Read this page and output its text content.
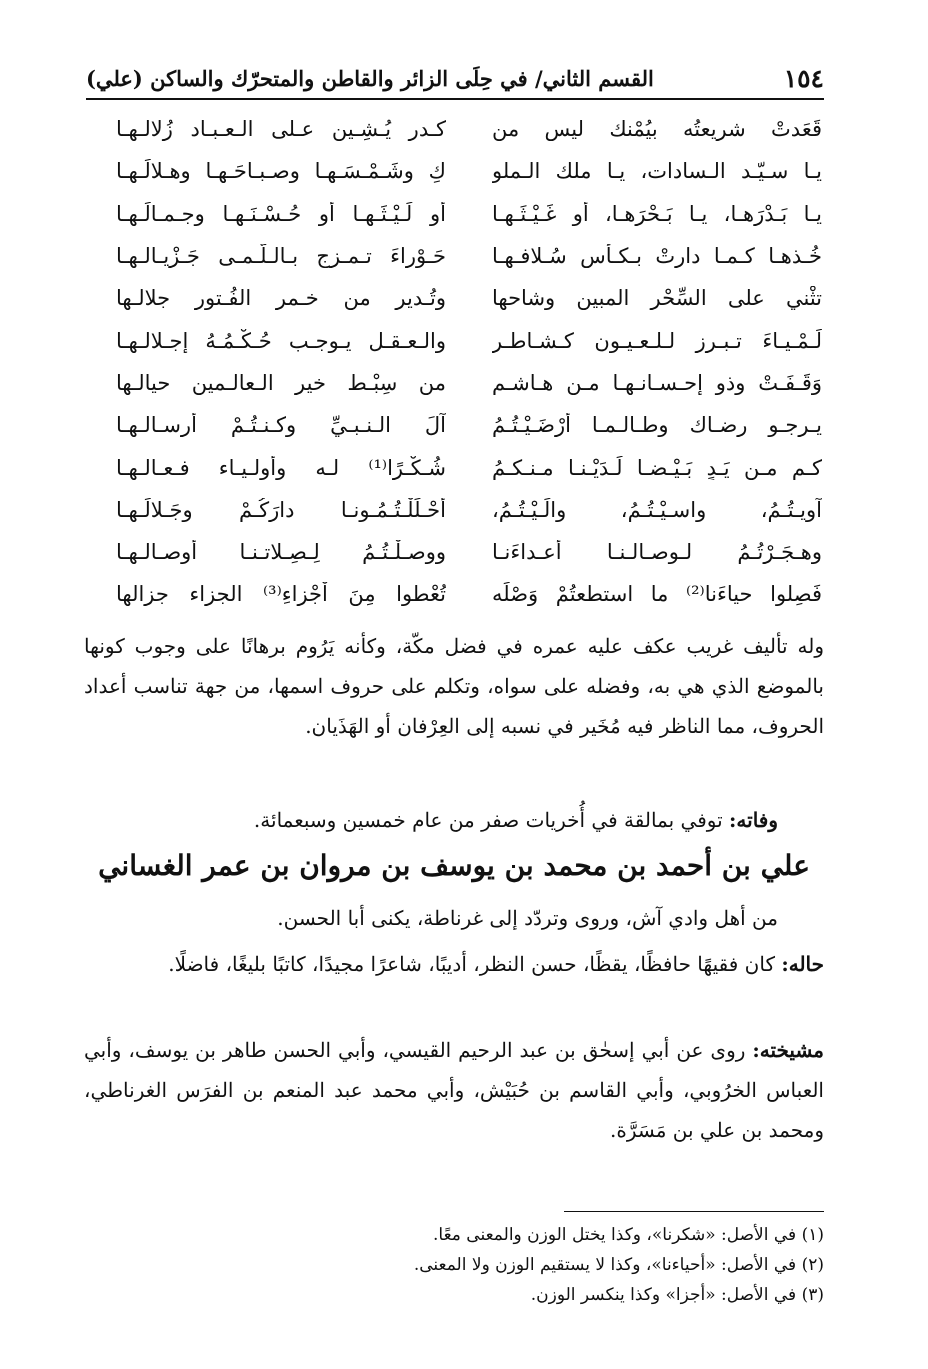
١٥٤
القسم الثاني/ في حِلَى الزائر والقاطن والمتحرّك والساكن (علي)
قَعَدتْ شريعتُه بيُمْنك ليس من
كـدر يُـشِـين عـلى الـعـبـاد زُلالـهـا
يـا سـيّـد الـسادات، يـا ملك الـملو
كِ وشَـمْـسَـهـا وصـبـاحَـهـا وهـلالَـهـا
يـا بَـدْرَهـا، يـا بَـحْرَهـا، أو غَـيْـثَـهـا
أو لَـيْـثَـهـا أو حُـسْـنَـهـا وجـمـالَـهـا
خُـذهـا كـمـا دارتْ بـكـأس سُـلافـهـا
حَـوْراءَ تـمـزج بـالـلَّـمـى جَـزْيـالـهـا
تثْني على السِّحْر المبين وشاحها
وتُـدير من خـمر الفُـتور جلالـها
لَـمْـيـاءَ تـبـرز لـلـعـيـون كـشـاطـر
والـعـقـل يـوجـب حُـكْـمُـهُ إجـلالـهـا
وَقَـفَـتْ وذو إحـسـانـهـا مـن هـاشـم
من سِبْـط خير الـعالـمين حيالـها
يـرجـو رضـاك وطـالـمـا أرْضَـيْـتُـمُ
آلَ الـنـبـيِّ وكـنـتُـمْ أرسـالـهـا
كـم مـن يَـدٍ بَـيْـضـا لَـدَيْـنـا مـنـكـمُ
شُـكْـرًا⁽¹⁾ لـه وأولـيـاء فـعـالـهـا
آويـتُـمُ، واسـيْـتُـمُ، والَـيْـتُـمُ،
أحْـلَلْـتُـمُـونـا دارَكُـمْ وجَـلالَـهـا
وهـجَـرْتُـمُ لـوصـالـنـا أعـداءَنـا
ووصـلْـتُـمُ لِـصِـلاتـنـا أوصـالـهـا
فَصِلوا حياءَنا⁽²⁾ ما استطعتُمْ وَصْلَه
تُعْطوا مِنَ اْجْزاءِ⁽³⁾ الجزاء جزالها

وله تأليف غريب عكف عليه عمره في فضل مكّة، وكأنه يَرُوم برهانًا على وجوب كونها بالموضع الذي هي به، وفضله على سواه، وتكلم على حروف اسمها، من جهة تناسب أعداد الحروف، مما الناظر فيه مُخَير في نسبه إلى العِرْفان أو الهَذَيان.

وفاته: توفي بمالقة في أُخريات صفر من عام خمسين وسبعمائة.

علي بن أحمد بن محمد بن يوسف بن مروان بن عمر الغساني

من أهل وادي آش، وروى وتردّد إلى غرناطة، يكنى أبا الحسن.

حاله: كان فقيهًا حافظًا، يقظًا، حسن النظر، أديبًا، شاعرًا مجيدًا، كاتبًا بليغًا، فاضلًا.

مشيخته: روى عن أبي إسحٰق بن عبد الرحيم القيسي، وأبي الحسن طاهر بن يوسف، وأبي العباس الخرُوبي، وأبي القاسم بن حُبَيْش، وأبي محمد عبد المنعم بن الفرَس الغرناطي، ومحمد بن علي بن مَسَرَّة.

(١) في الأصل: «شكرنا»، وكذا يختل الوزن والمعنى معًا.
(٢) في الأصل: «أحياءنا»، وكذا لا يستقيم الوزن ولا المعنى.
(٣) في الأصل: «أجزا» وكذا ينكسر الوزن.
